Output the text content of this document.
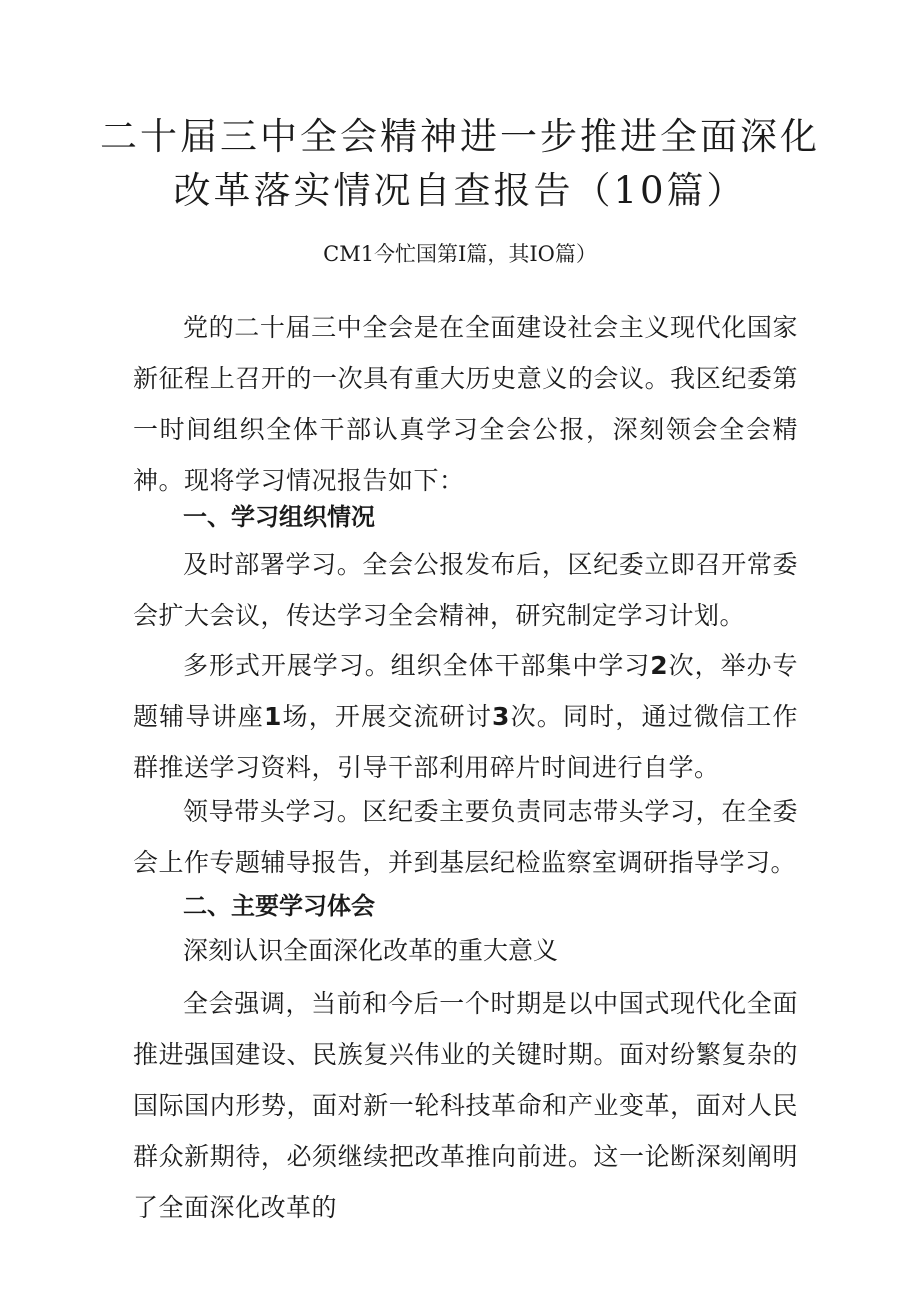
二十届三中全会精神进一步推进全面深化
改革落实情况自查报告（10篇）

CM1今忙国第I篇，其IO篇）

党的二十届三中全会是在全面建设社会主义现代化国家新征程上召开的一次具有重大历史意义的会议。我区纪委第一时间组织全体干部认真学习全会公报，深刻领会全会精神。现将学习情况报告如下：

一、学习组织情况

及时部署学习。全会公报发布后，区纪委立即召开常委会扩大会议，传达学习全会精神，研究制定学习计划。

多形式开展学习。组织全体干部集中学习2次，举办专题辅导讲座1场，开展交流研讨3次。同时，通过微信工作群推送学习资料，引导干部利用碎片时间进行自学。

领导带头学习。区纪委主要负责同志带头学习，在全委会上作专题辅导报告，并到基层纪检监察室调研指导学习。

二、主要学习体会

深刻认识全面深化改革的重大意义

全会强调，当前和今后一个时期是以中国式现代化全面推进强国建设、民族复兴伟业的关键时期。面对纷繁复杂的国际国内形势，面对新一轮科技革命和产业变革，面对人民群众新期待，必须继续把改革推向前进。这一论断深刻阐明了全面深化改革的
